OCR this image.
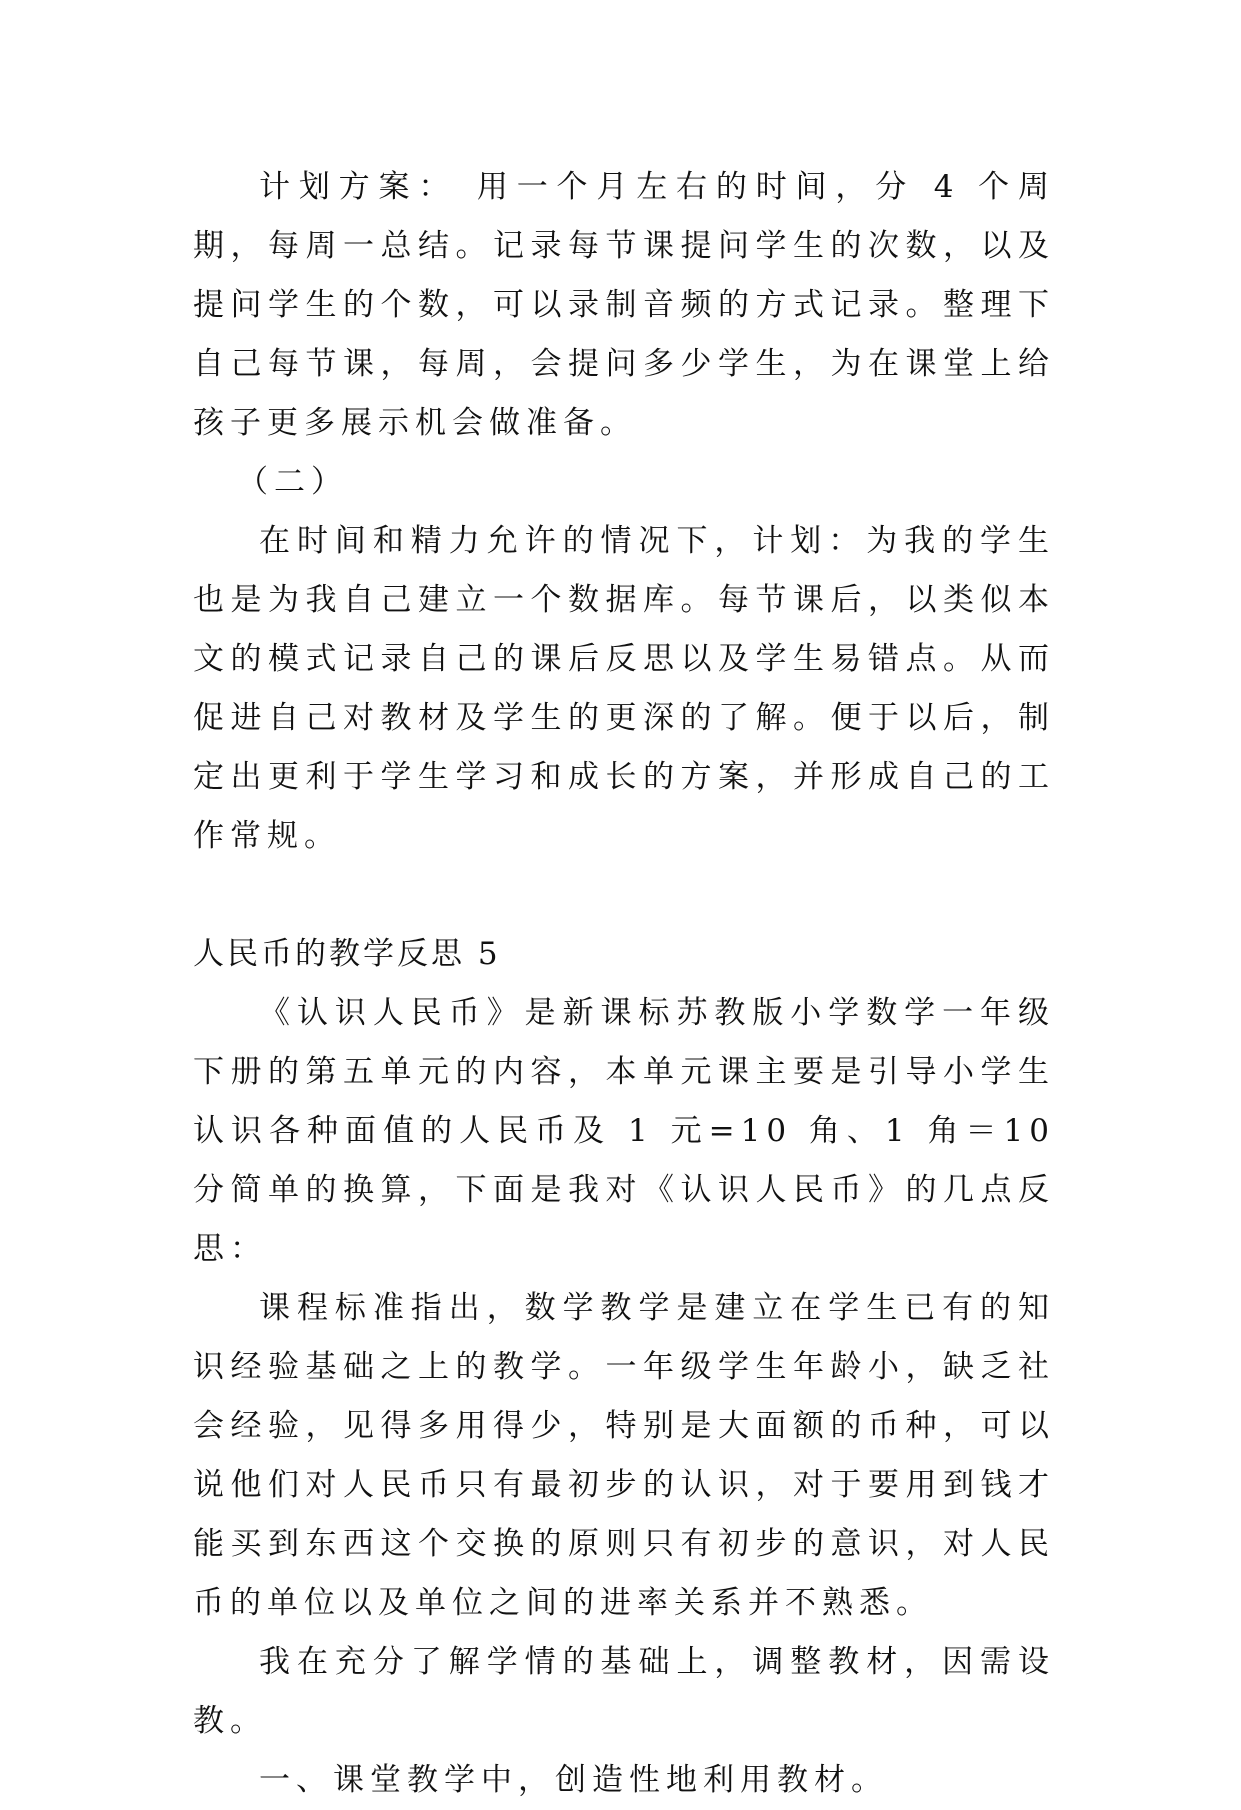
计划方案： 用一个月左右的时间，分 4 个周期，每周一总结。记录每节课提问学生的次数，以及提问学生的个数，可以录制音频的方式记录。整理下自己每节课，每周，会提问多少学生，为在课堂上给孩子更多展示机会做准备。

（二）

在时间和精力允许的情况下，计划：为我的学生也是为我自己建立一个数据库。每节课后，以类似本文的模式记录自己的课后反思以及学生易错点。从而促进自己对教材及学生的更深的了解。便于以后，制定出更利于学生学习和成长的方案，并形成自己的工作常规。

人民币的教学反思 5

《认识人民币》是新课标苏教版小学数学一年级下册的第五单元的内容，本单元课主要是引导小学生认识各种面值的人民币及 1 元=10 角、1 角＝10 分简单的换算，下面是我对《认识人民币》的几点反思：

课程标准指出，数学教学是建立在学生已有的知识经验基础之上的教学。一年级学生年龄小，缺乏社会经验，见得多用得少，特别是大面额的币种，可以说他们对人民币只有最初步的认识，对于要用到钱才能买到东西这个交换的原则只有初步的意识，对人民币的单位以及单位之间的进率关系并不熟悉。

我在充分了解学情的基础上，调整教材，因需设教。

一、课堂教学中，创造性地利用教材。
